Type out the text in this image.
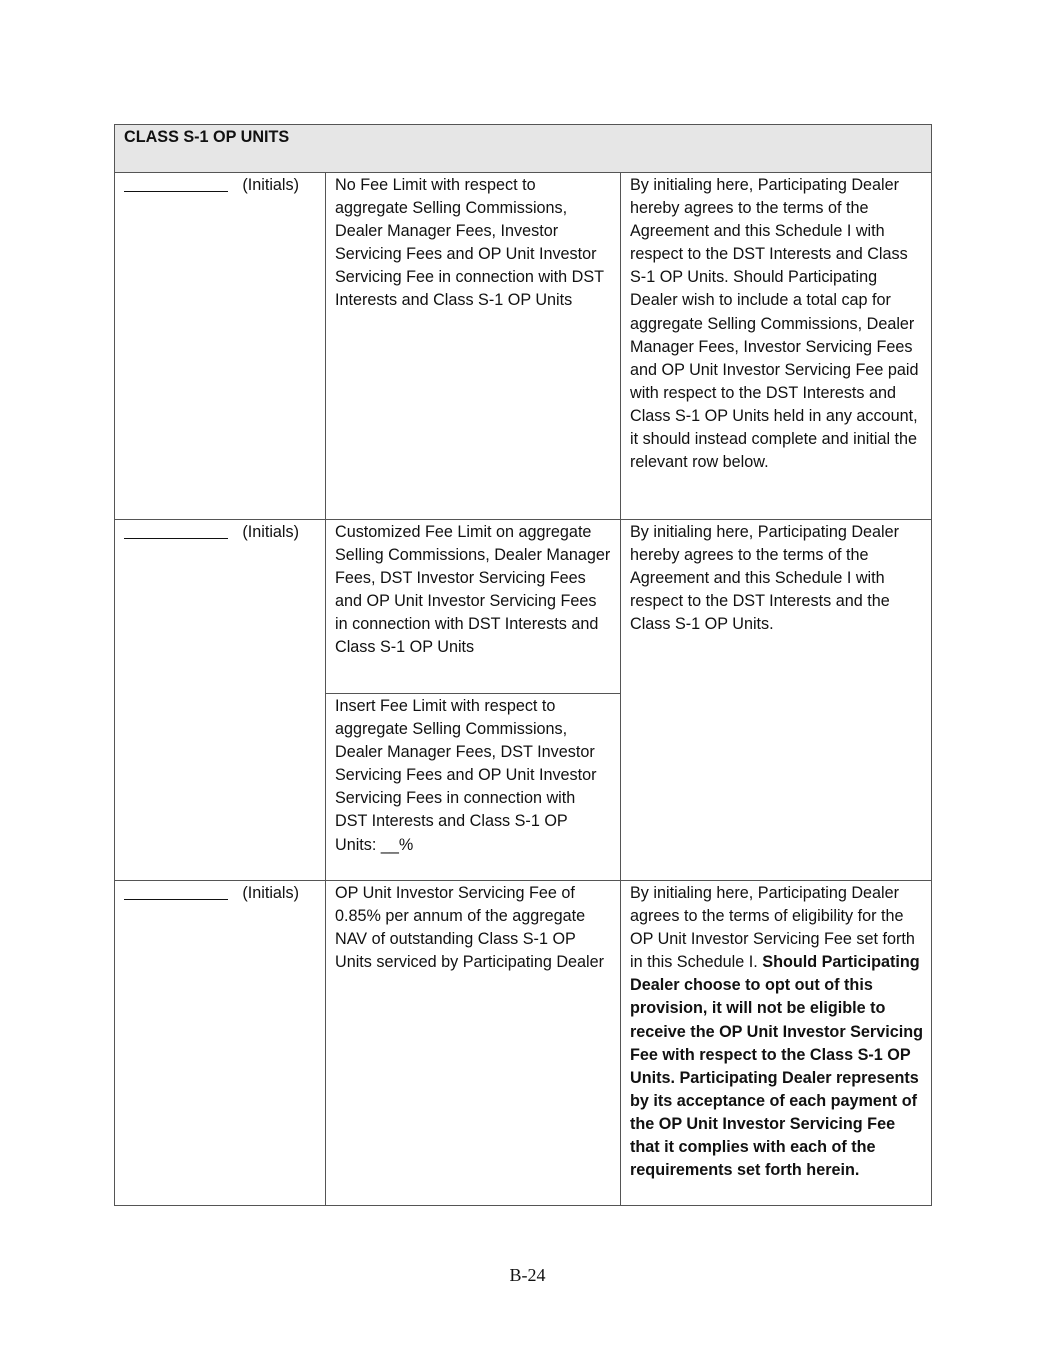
CLASS S-1 OP UNITS		

(Initials)	No Fee Limit with respect to aggregate Selling Commissions, Dealer Manager Fees, Investor Servicing Fees and OP Unit Investor Servicing Fee in connection with DST Interests and Class S-1 OP Units	By initialing here, Participating Dealer hereby agrees to the terms of the Agreement and this Schedule I with respect to the DST Interests and Class S-1 OP Units. Should Participating Dealer wish to include a total cap for aggregate Selling Commissions, Dealer Manager Fees, Investor Servicing Fees and OP Unit Investor Servicing Fee paid with respect to the DST Interests and Class S-1 OP Units held in any account, it should instead complete and initial the relevant row below.

(Initials)	Customized Fee Limit on aggregate Selling Commissions, Dealer Manager Fees, DST Investor Servicing Fees and OP Unit Investor Servicing Fees in connection with DST Interests and Class S-1 OP Units	By initialing here, Participating Dealer hereby agrees to the terms of the Agreement and this Schedule I with respect to the DST Interests and the Class S-1 OP Units.
	Insert Fee Limit with respect to aggregate Selling Commissions, Dealer Manager Fees, DST Investor Servicing Fees and OP Unit Investor Servicing Fees in connection with DST Interests and Class S-1 OP Units: __%	

(Initials)	OP Unit Investor Servicing Fee of 0.85% per annum of the aggregate NAV of outstanding Class S-1 OP Units serviced by Participating Dealer	By initialing here, Participating Dealer agrees to the terms of eligibility for the OP Unit Investor Servicing Fee set forth in this Schedule I. Should Participating Dealer choose to opt out of this provision, it will not be eligible to receive the OP Unit Investor Servicing Fee with respect to the Class S-1 OP Units. Participating Dealer represents by its acceptance of each payment of the OP Unit Investor Servicing Fee that it complies with each of the requirements set forth herein.
B-24
